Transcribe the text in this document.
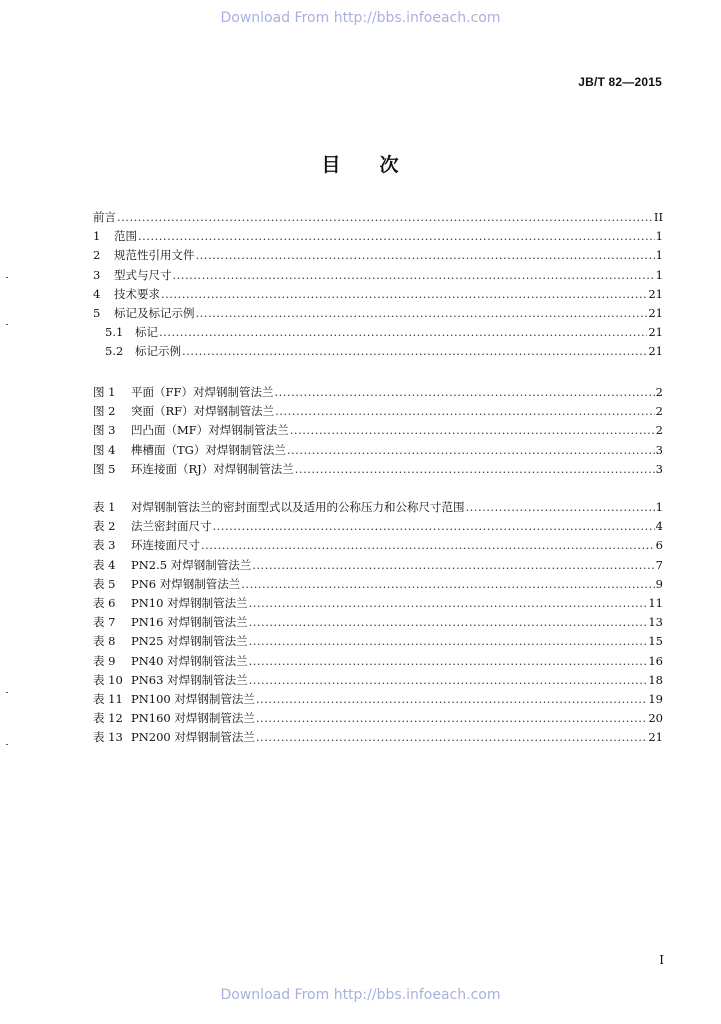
Download From http://bbs.infoeach.com
JB/T 82—2015
目 次
前言 .....	II
1	范围 .....	1
2	规范性引用文件 .....	1
3	型式与尺寸 .....	1
4	技术要求 .....	21
5	标记及标记示例 .....	21
5.1	标记 .....	21
5.2	标记示例 .....	21
图 1	平面（FF）对焊钢制管法兰 .....	2
图 2	突面（RF）对焊钢制管法兰 .....	2
图 3	凹凸面（MF）对焊钢制管法兰 .....	2
图 4	榫槽面（TG）对焊钢制管法兰 .....	3
图 5	环连接面（RJ）对焊钢制管法兰 .....	3
表 1	对焊钢制管法兰的密封面型式以及适用的公称压力和公称尺寸范围 .....	1
表 2	法兰密封面尺寸 .....	4
表 3	环连接面尺寸 .....	6
表 4	PN2.5 对焊钢制管法兰 .....	7
表 5	PN6 对焊钢制管法兰 .....	9
表 6	PN10 对焊钢制管法兰 .....	11
表 7	PN16 对焊钢制管法兰 .....	13
表 8	PN25 对焊钢制管法兰 .....	15
表 9	PN40 对焊钢制管法兰 .....	16
表 10 PN63 对焊钢制管法兰 .....	18
表 11 PN100 对焊钢制管法兰 .....	19
表 12 PN160 对焊钢制管法兰 .....	20
表 13 PN200 对焊钢制管法兰 .....	21
I
Download From http://bbs.infoeach.com
